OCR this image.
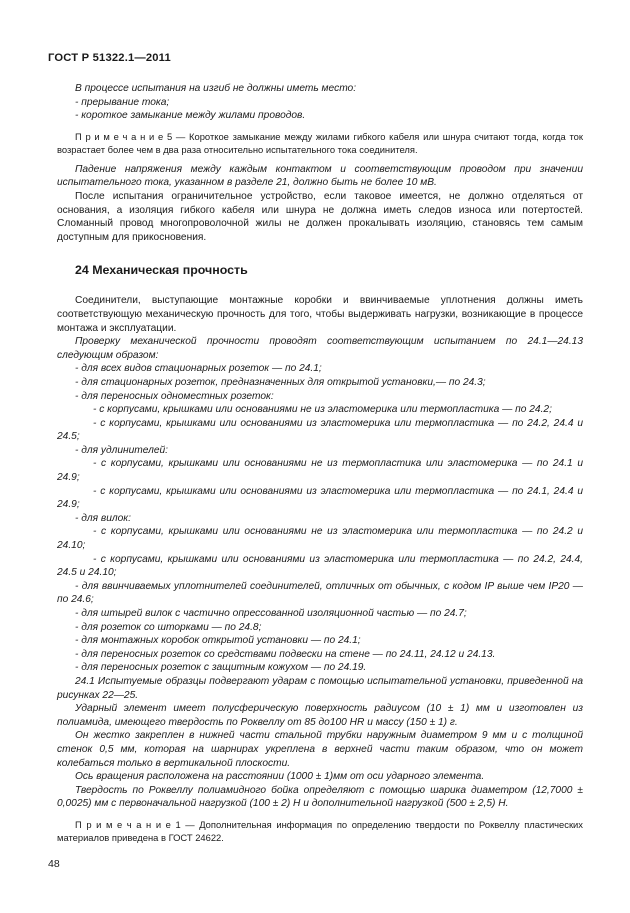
ГОСТ Р 51322.1—2011

В процессе испытания на изгиб не должны иметь место:

- прерывание тока;

- короткое замыкание между жилами проводов.

П р и м е ч а н и е 5 — Короткое замыкание между жилами гибкого кабеля или шнура считают тогда, когда ток возрастает более чем в два раза относительно испытательного тока соединителя.

Падение напряжения между каждым контактом и соответствующим проводом при значении испытательного тока, указанном в разделе 21, должно быть не более 10 мВ.

После испытания ограничительное устройство, если таковое имеется, не должно отделяться от основания, а изоляция гибкого кабеля или шнура не должна иметь следов износа или потертостей. Сломанный провод многопроволочной жилы не должен прокалывать изоляцию, становясь тем самым доступным для прикосновения.

24 Механическая прочность

Соединители, выступающие монтажные коробки и ввинчиваемые уплотнения должны иметь соответствующую механическую прочность для того, чтобы выдерживать нагрузки, возникающие в процессе монтажа и эксплуатации.

Проверку механической прочности проводят соответствующим испытанием по 24.1—24.13 следующим образом:

- для всех видов стационарных розеток — по 24.1;

- для стационарных розеток, предназначенных для открытой установки,— по 24.3;

- для переносных одноместных розеток:

- с корпусами, крышками или основаниями не из эластомерика или термопластика — по 24.2;

- с корпусами, крышками или основаниями из эластомерика или термопластика — по 24.2, 24.4 и 24.5;

- для удлинителей:

- с корпусами, крышками или основаниями не из термопластика или эластомерика — по 24.1 и 24.9;

- с корпусами, крышками или основаниями из эластомерика или термопластика — по 24.1, 24.4 и 24.9;

- для вилок:

- с корпусами, крышками или основаниями не из эластомерика или термопластика — по 24.2 и 24.10;

- с корпусами, крышками или основаниями из эластомерика или термопластика — по 24.2, 24.4, 24.5 и 24.10;

- для ввинчиваемых уплотнителей соединителей, отличных от обычных, с кодом IP выше чем IP20 — по 24.6;

- для штырей вилок с частично опрессованной изоляционной частью — по 24.7;

- для розеток со шторками — по 24.8;

- для монтажных коробок открытой установки — по 24.1;

- для переносных розеток со средствами подвески на стене — по 24.11, 24.12 и 24.13.

- для переносных розеток с защитным кожухом — по 24.19.

24.1 Испытуемые образцы подвергают ударам с помощью испытательной установки, приведенной на рисунках 22—25.

Ударный элемент имеет полусферическую поверхность радиусом (10 ± 1) мм и изготовлен из полиамида, имеющего твердость по Роквеллу от 85 до100 HR и массу (150 ± 1) г.

Он жестко закреплен в нижней части стальной трубки наружным диаметром 9 мм и с толщиной стенок 0,5 мм, которая на шарнирах укреплена в верхней части таким образом, что он может колебаться только в вертикальной плоскости.

Ось вращения расположена на расстоянии (1000 ± 1)мм от оси ударного элемента.

Твердость по Роквеллу полиамидного бойка определяют с помощью шарика диаметром (12,7000 ± 0,0025) мм с первоначальной нагрузкой (100 ± 2) Н и дополнительной нагрузкой (500 ± 2,5) Н.

П р и м е ч а н и е 1 — Дополнительная информация по определению твердости по Роквеллу пластических материалов приведена в ГОСТ 24622.

48
